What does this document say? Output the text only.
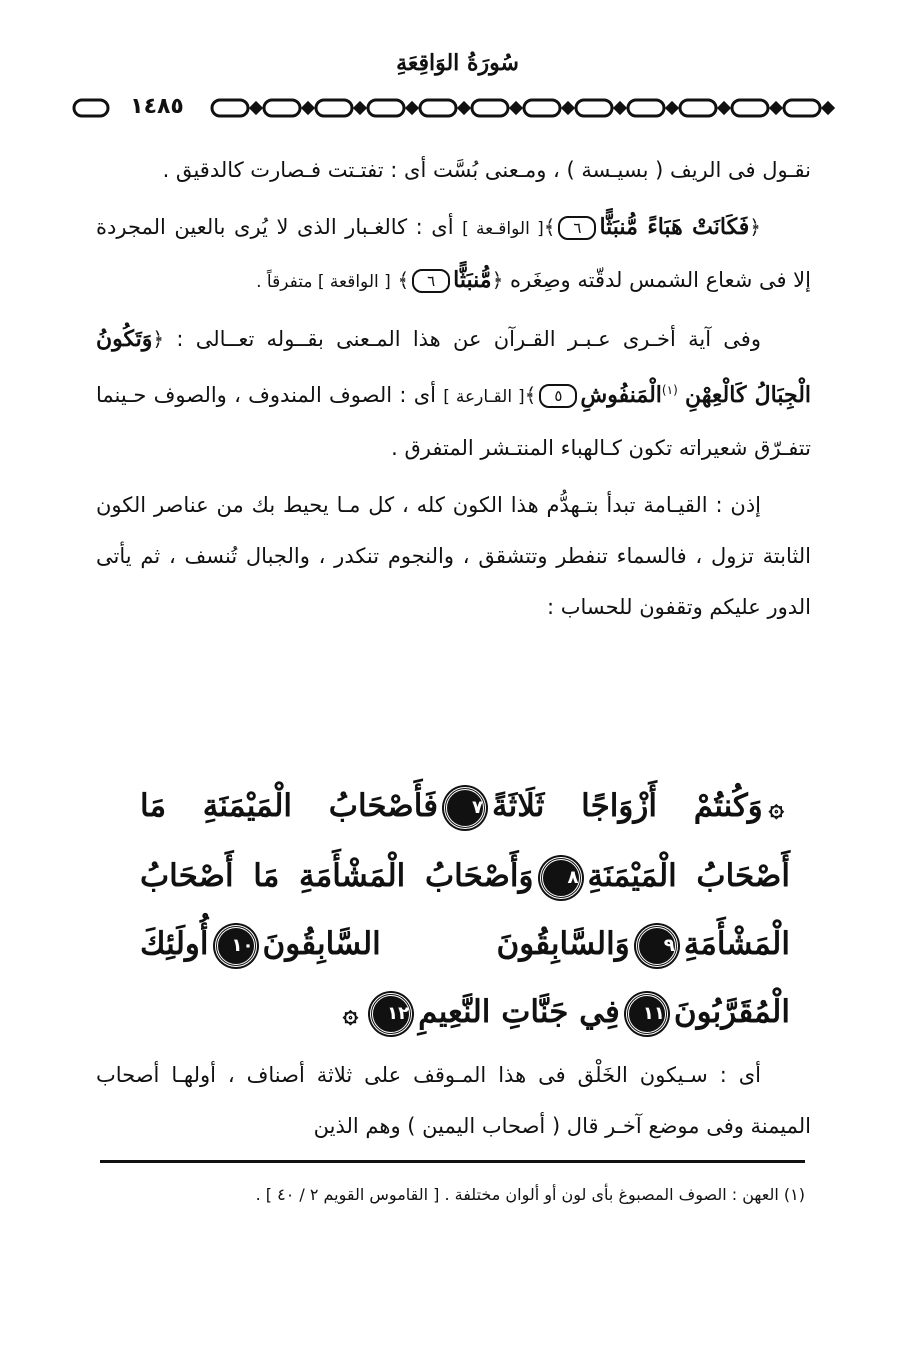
سُورَةُ الوَاقِعَةِ
١٤٨٥

نقـول فى الريف ( بسيـسة ) ، ومـعنى بُسَّت أى : تفتـتت فـصارت كالدقيق .

﴿فَكَانَتْ هَبَاءً مُّنبَثًّا٦﴾[ الواقـعة ] أى : كالغـبار الذى لا يُرى بالعين المجردة إلا فى شعاع الشمس لدقّته وصِغَره ﴿مُّنبَثًّا٦﴾ [ الواقعة ] متفرقاً .

وفى آية أخـرى عـبـر القـرآن عن هذا المـعنى بقــوله تعــالى : ﴿وَتَكُونُ الْجِبَالُ كَالْعِهْنِ $^{(١)}$الْمَنفُوشِ٥﴾[ القـارعة ] أى : الصوف المندوف ، والصوف حـينما تتفـرّق شعيراته تكون كـالهباء المنتـشر المتفرق .

إذن : القيـامة تبدأ بتـهدُّم هذا الكون كله ، كل مـا يحيط بك من عناصر الكون الثابتة تزول ، فالسماء تنفطر وتتشقق ، والنجوم تنكدر ، والجبال تُنسف ، ثم يأتى الدور عليكم وتقفون للحساب :

۞وَكُنتُمْ أَزْوَاجًا ثَلَاثَةً٧فَأَصْحَابُ الْمَيْمَنَةِ مَا أَصْحَابُ الْمَيْمَنَةِ٨وَأَصْحَابُ الْمَشْأَمَةِ مَا أَصْحَابُ الْمَشْأَمَةِ٩وَالسَّابِقُونَ السَّابِقُونَ١٠أُولَئِكَ الْمُقَرَّبُونَ١١فِي جَنَّاتِ النَّعِيمِ١٢۞

أى : سـيكون الخَلْق فى هذا المـوقف على ثلاثة أصناف ، أولهـا أصحاب الميمنة وفى موضع آخـر قال ( أصحاب اليمين ) وهم الذين

(١) العهن : الصوف المصبوغ بأى لون أو ألوان مختلفة . [ القاموس القويم ٢ / ٤٠ ] .
